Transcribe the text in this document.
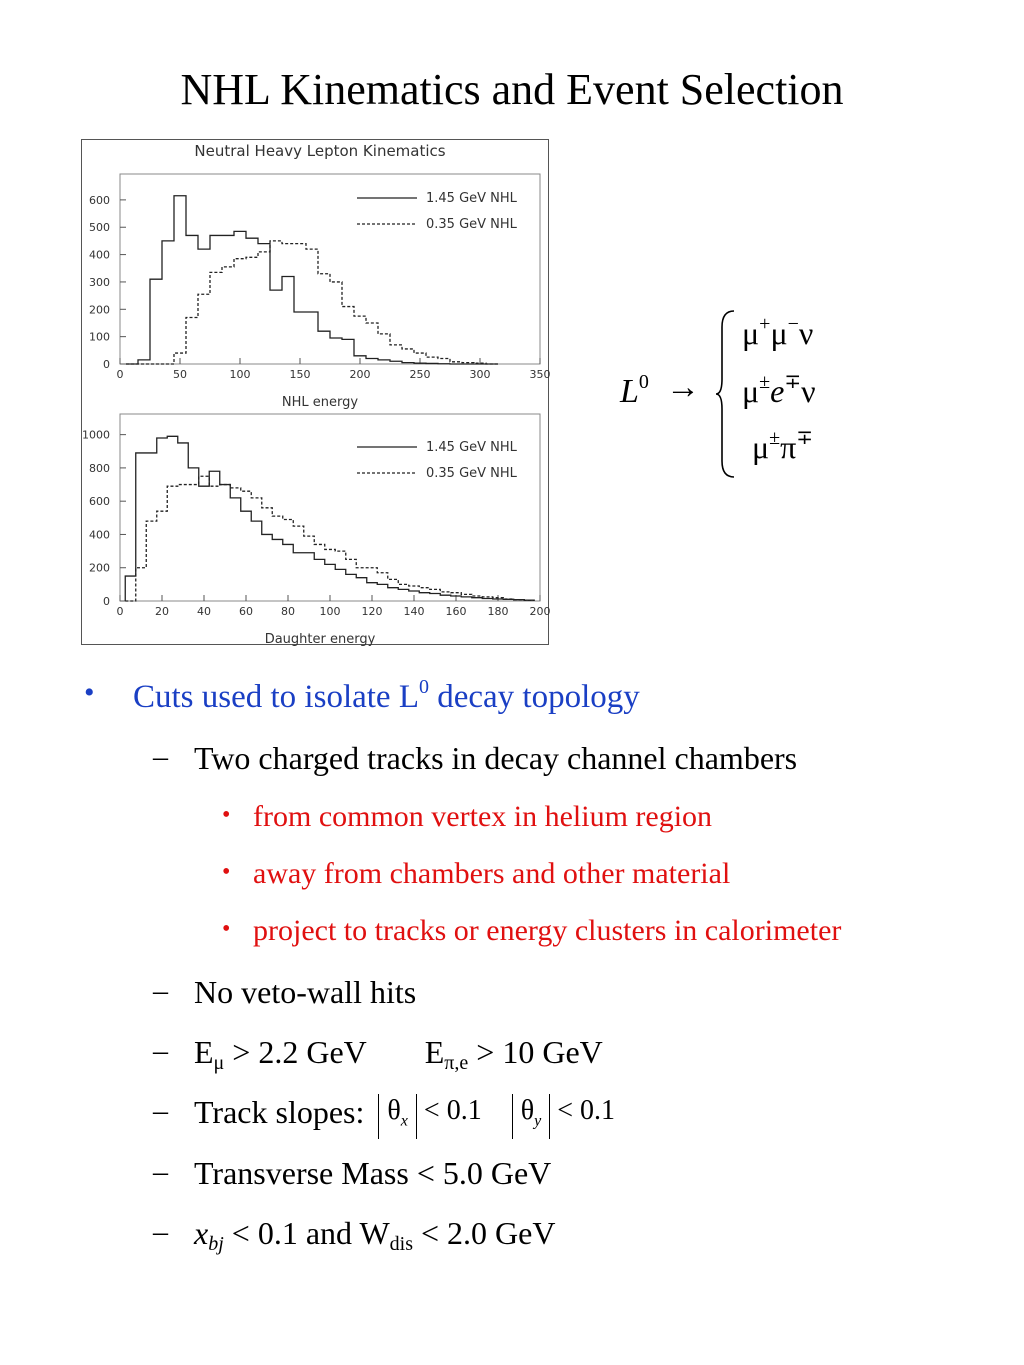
NHL Kinematics and Event Selection
Neutral Heavy Lepton Kinematics
NHL energy
0	50	100	150	200	250	300	350
0
100
200
300
400
500
600	1.45 GeV NHL
0.35 GeV NHL
Daughter energy
0	20	40	60	80 100 120 140 160 180 200
0
200
400
600
800
1000
1.45 GeV NHL
0.35 GeV NHL
$L^0$ →
μ+μ−ν
μ±e∓ν
μ±π∓
• Cuts used to isolate $L^0$ decay topology
– Two charged tracks in decay channel chambers
• from common vertex in helium region
• away from chambers and other material
• project to tracks or energy clusters in calorimeter
– No veto-wall hits
– $E_\mu > 2.2$ GeV $E_{\pi,e} > 10$ GeV
– Track slopes: $\theta_x < 0.1$ $\theta_y < 0.1$
– Transverse Mass < 5.0 GeV
– $x_{bj} < 0.1$ and $W_{dis} < 2.0$ GeV
